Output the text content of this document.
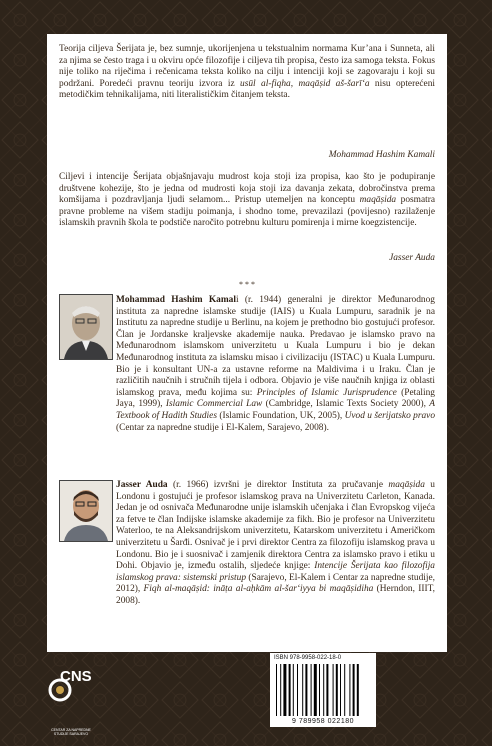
Teorija ciljeva Šerijata je, bez sumnje, ukorijenjena u tekstualnim normama Kur’ana i Sunneta, ali za njima se često traga i u okviru opće filozofije i ciljeva tih propisa, često iza samoga teksta. Fokus nije toliko na riječima i rečenicama teksta koliko na cilju i intenciji koji se zagovaraju i koji su podržani. Poredeći pravnu teoriju izvora iz usūl al-fiqha, maqāṣid aš-šarī‘a nisu opterećeni metodičkim tehnikalijama, niti literalističkim čitanjem teksta.

Mohammad Hashim Kamali

Ciljevi i intencije Šerijata objašnjavaju mudrost koja stoji iza propisa, kao što je podupiranje društvene kohezije, što je jedna od mudrosti koja stoji iza davanja zekata, dobročinstva prema komšijama i pozdravljanja ljudi selamom... Pristup utemeljen na konceptu maqāṣida posmatra pravne probleme na višem stadiju poimanja, i shodno tome, prevazilazi (povijesno) razilaženje islamskih pravnih škola te podstiče naročito potrebnu kulturu pomirenja i mirne koegzistencije.

Jasser Auda

* * *

Mohammad Hashim Kamali (r. 1944) generalni je direktor Međunarodnog instituta za napredne islamske studije (IAIS) u Kuala Lumpuru, saradnik je na Institutu za napredne studije u Berlinu, na kojem je prethodno bio gostujući profesor. Član je Jordanske kraljevske akademije nauka. Predavao je islamsko pravo na Međunarodnom islamskom univerzitetu u Kuala Lumpuru i bio je dekan Međunarodnog instituta za islamsku misao i civilizaciju (ISTAC) u Kuala Lumpuru. Bio je i konsultant UN-a za ustavne reforme na Maldivima i u Iraku. Član je različitih naučnih i stručnih tijela i odbora. Objavio je više naučnih knjiga iz oblasti islamskog prava, među kojima su: Principles of Islamic Jurisprudence (Petaling Jaya, 1999), Islamic Commercial Law (Cambridge, Islamic Texts Society 2000), A Textbook of Hadith Studies (Islamic Foundation, UK, 2005), Uvod u šerijatsko pravo (Centar za napredne studije i El-Kalem, Sarajevo, 2008).

Jasser Auda (r. 1966) izvršni je direktor Instituta za pručavanje maqāṣida u Londonu i gostujući je profesor islamskog prava na Univerzitetu Carleton, Kanada. Jedan je od osnivača Međunarodne unije islamskih učenjaka i član Evropskog vijeća za fetve te član Indijske islamske akademije za fikh. Bio je profesor na Univerzitetu Waterloo, te na Aleksandrijskom univerzitetu, Katarskom univerzitetu i Američkom univerzitetu u Šarđi. Osnivač je i prvi direktor Centra za filozofiju islamskog prava u Londonu. Bio je i suosnivač i zamjenik direktora Centra za islamsko pravo i etiku u Dohi. Objavio je, između ostalih, sljedeće knjige: Intencije Šerijata kao filozofija islamskog prava: sistemski pristup (Sarajevo, El-Kalem i Centar za napredne studije, 2012), Fiqh al-maqāṣid: ināṭa al-aḥkām al-šar‘iyya bi maqāṣidiha (Herndon, IIIT, 2008).

CNS
CENTAR ZA NAPREDNE STUDIJE SARAJEVO
ISBN 978-9958-022-18-0
9 789958 022180
